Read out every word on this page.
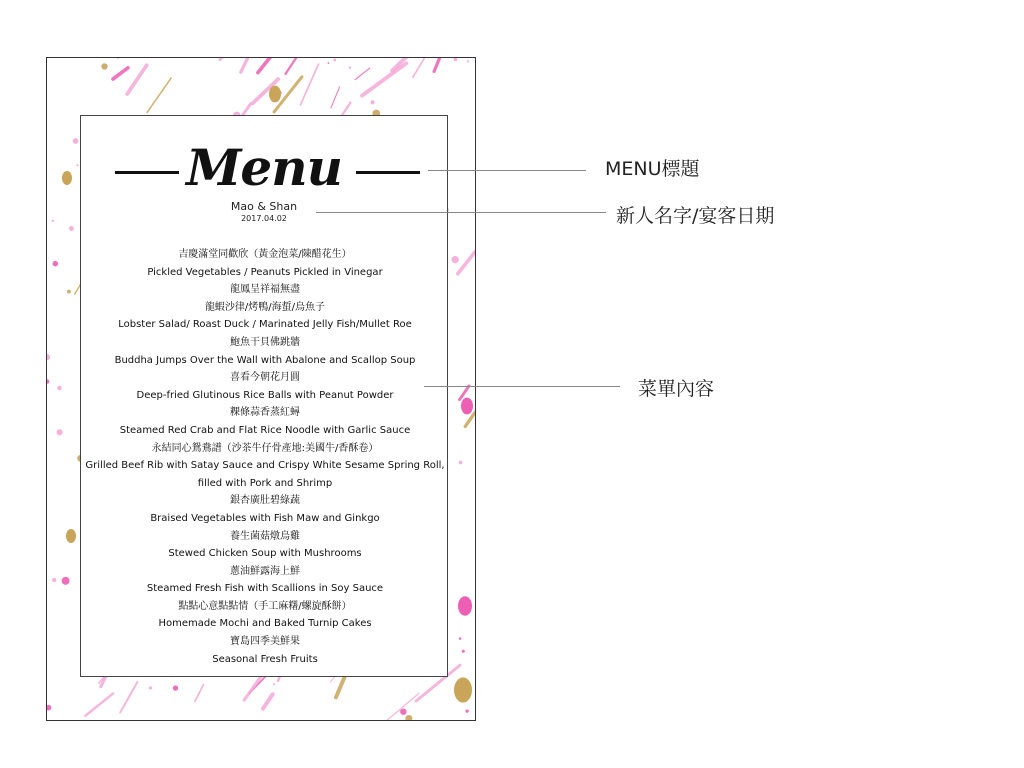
Menu
Mao & Shan
2017.04.02
吉慶滿堂同歡欣（黃金泡菜/陳醋花生）
Pickled Vegetables / Peanuts Pickled in Vinegar
龍鳳呈祥福無盡
龍蝦沙律/烤鴨/海蜇/烏魚子
Lobster Salad/ Roast Duck / Marinated Jelly Fish/Mullet Roe
鮑魚干貝佛跳牆
Buddha Jumps Over the Wall with Abalone and Scallop Soup
喜看今朝花月圓
Deep-fried Glutinous Rice Balls with Peanut Powder
粿條蒜香蒸紅蟳
Steamed Red Crab and Flat Rice Noodle with Garlic Sauce
永結同心鴛鴦譜（沙茶牛仔骨產地:美國牛/香酥卷）
Grilled Beef Rib with Satay Sauce and Crispy White Sesame Spring Roll,
filled with Pork and Shrimp
銀杏廣肚碧綠蔬
Braised Vegetables with Fish Maw and Ginkgo
養生菌菇燉烏雞
Stewed Chicken Soup with Mushrooms
蔥油鮮露海上鮮
Steamed Fresh Fish with Scallions in Soy Sauce
點點心意點點情（手工麻糬/螺旋酥餅）
Homemade Mochi and Baked Turnip Cakes
寶島四季美鮮果
Seasonal Fresh Fruits
MENU標題
新人名字/宴客日期
菜單內容
